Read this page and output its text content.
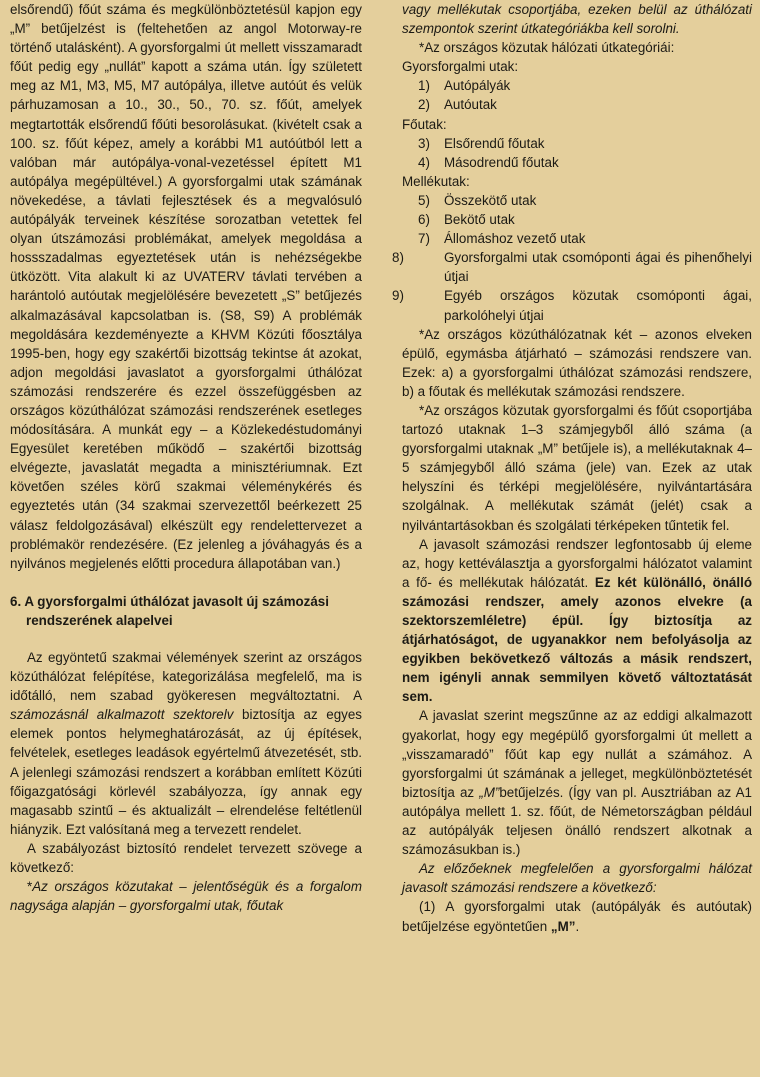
elsőrendű) főút száma és megkülönböztetésül kapjon egy „M” betűjelzést is (feltehetően az angol Motorway-re történő utalásként). A gyorsforgalmi út mellett visszamaradt főút pedig egy „nullát” kapott a száma után. Így született meg az M1, M3, M5, M7 autópálya, illetve autóút és velük párhuzamosan a 10., 30., 50., 70. sz. főút, amelyek megtartották elsőrendű főúti besorolásukat. (kivételt csak a 100. sz. főút képez, amely a korábbi M1 autóútból lett a valóban már autópálya-vonal-vezetéssel épített M1 autópálya megépültével.) A gyorsforgalmi utak számának növekedése, a távlati fejlesztések és a megvalósuló autópályák terveinek készítése sorozatban vetettek fel olyan útszámozási problémákat, amelyek megoldása a hossszadalmas egyeztetések után is nehézségekbe ütközött. Vita alakult ki az UVATERV távlati tervében a harántoló autóutak megjelölésére bevezetett „S” betűjezés alkalmazásával kapcsolatban is. (S8, S9) A problémák megoldására kezdeményezte a KHVM Közúti főosztálya 1995-ben, hogy egy szakértői bizottság tekintse át azokat, adjon megoldási javaslatot a gyorsforgalmi úthálózat számozási rendszerére és ezzel összefüggésben az országos közúthálózat számozási rendszerének esetleges módosítására. A munkát egy – a Közlekedéstudományi Egyesület keretében működő – szakértői bizottság elvégezte, javaslatát megadta a minisztériumnak. Ezt követően széles körű szakmai véleménykérés és egyeztetés után (34 szakmai szervezettől beérkezett 25 válasz feldolgozásával) elkészült egy rendelettervezet a problémakör rendezésére. (Ez jelenleg a jóváhagyás és a nyilvános megjelenés előtti procedura állapotában van.)

6. A gyorsforgalmi úthálózat javasolt új számozási rendszerének alapelvei

Az egyöntetű szakmai vélemények szerint az országos közúthálózat felépítése, kategorizálása megfelelő, ma is időtálló, nem szabad gyökeresen megváltoztatni. A számozásnál alkalmazott szektorelv biztosítja az egyes elemek pontos helymeghatározását, az új építések, felvételek, esetleges leadások egyértelmű átvezetését, stb. A jelenlegi számozási rendszert a korábban említett Közúti főigazgatósági körlevél szabályozza, így annak egy magasabb szintű – és aktualizált – elrendelése feltétlenül hiányzik. Ezt valósítaná meg a tervezett rendelet.

A szabályozást biztosító rendelet tervezett szövege a következő:

*Az országos közutakat – jelentőségük és a forgalom nagysága alapján – gyorsforgalmi utak, főutak

vagy mellékutak csoportjába, ezeken belül az úthálózati szempontok szerint útkategóriákba kell sorolni.

*Az országos közutak hálózati útkategóriái:

Gyorsforgalmi utak:

1) Autópályák

2) Autóutak

Főutak:

3) Elsőrendű főutak

4) Másodrendű főutak

Mellékutak:

5) Összekötő utak

6) Bekötő utak

7) Állomáshoz vezető utak

8)	Gyorsforgalmi utak csomóponti ágai és pihenőhelyi útjai

9)	Egyéb országos közutak csomóponti ágai, parkolóhelyi útjai

*Az országos közúthálózatnak két – azonos elveken épülő, egymásba átjárható – számozási rendszere van. Ezek: a) a gyorsforgalmi úthálózat számozási rendszere, b) a főutak és mellékutak számozási rendszere.

*Az országos közutak gyorsforgalmi és főút csoportjába tartozó utaknak 1–3 számjegyből álló száma (a gyorsforgalmi utaknak „M” betűjele is), a mellékutaknak 4–5 számjegyből álló száma (jele) van. Ezek az utak helyszíni és térképi megjelölésére, nyilvántartására szolgálnak. A mellékutak számát (jelét) csak a nyilvántartásokban és szolgálati térképeken tűntetik fel.

A javasolt számozási rendszer legfontosabb új eleme az, hogy kettéválasztja a gyorsforgalmi hálózatot valamint a fő- és mellékutak hálózatát. Ez két különálló, önálló számozási rendszer, amely azonos elvekre (a szektorszemléletre) épül. Így biztosítja az átjárhatóságot, de ugyanakkor nem befolyásolja az egyikben bekövetkező változás a másik rendszert, nem igényli annak semmilyen követő változtatását sem.

A javaslat szerint megszűnne az az eddigi alkalmazott gyakorlat, hogy egy megépülő gyorsforgalmi út mellett a „visszamaradó” főút kap egy nullát a számához. A gyorsforgalmi út számának a jelleget, megkülönböztetését biztosítja az „M”betűjelzés. (Így van pl. Ausztriában az A1 autópálya mellett 1. sz. főút, de Németországban például az autópályák teljesen önálló rendszert alkotnak a számozásukban is.)

Az előzőeknek megfelelően a gyorsforgalmi hálózat javasolt számozási rendszere a következő:

(1) A gyorsforgalmi utak (autópályák és autóutak) betűjelzése egyöntetűen „M”.
